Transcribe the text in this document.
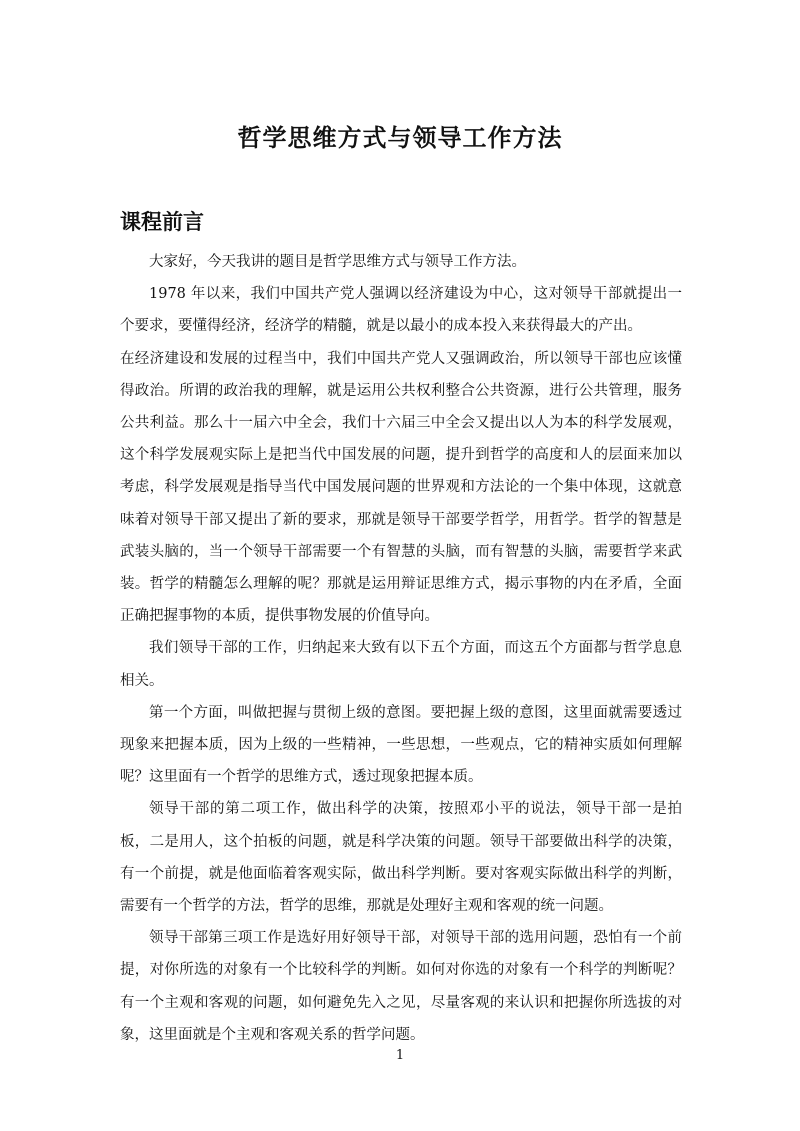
哲学思维方式与领导工作方法
课程前言

大家好，今天我讲的题目是哲学思维方式与领导工作方法。

1978 年以来，我们中国共产党人强调以经济建设为中心，这对领导干部就提出一个要求，要懂得经济，经济学的精髓，就是以最小的成本投入来获得最大的产出。

在经济建设和发展的过程当中，我们中国共产党人又强调政治，所以领导干部也应该懂得政治。所谓的政治我的理解，就是运用公共权利整合公共资源，进行公共管理，服务公共利益。那么十一届六中全会，我们十六届三中全会又提出以人为本的科学发展观，这个科学发展观实际上是把当代中国发展的问题，提升到哲学的高度和人的层面来加以考虑，科学发展观是指导当代中国发展问题的世界观和方法论的一个集中体现，这就意味着对领导干部又提出了新的要求，那就是领导干部要学哲学，用哲学。哲学的智慧是武装头脑的，当一个领导干部需要一个有智慧的头脑，而有智慧的头脑，需要哲学来武装。哲学的精髓怎么理解的呢？那就是运用辩证思维方式，揭示事物的内在矛盾，全面正确把握事物的本质，提供事物发展的价值导向。

我们领导干部的工作，归纳起来大致有以下五个方面，而这五个方面都与哲学息息相关。

第一个方面，叫做把握与贯彻上级的意图。要把握上级的意图，这里面就需要透过现象来把握本质，因为上级的一些精神，一些思想，一些观点，它的精神实质如何理解呢？这里面有一个哲学的思维方式，透过现象把握本质。

领导干部的第二项工作，做出科学的决策，按照邓小平的说法，领导干部一是拍板，二是用人，这个拍板的问题，就是科学决策的问题。领导干部要做出科学的决策，有一个前提，就是他面临着客观实际，做出科学判断。要对客观实际做出科学的判断，需要有一个哲学的方法，哲学的思维，那就是处理好主观和客观的统一问题。

领导干部第三项工作是选好用好领导干部，对领导干部的选用问题，恐怕有一个前提，对你所选的对象有一个比较科学的判断。如何对你选的对象有一个科学的判断呢？有一个主观和客观的问题，如何避免先入之见，尽量客观的来认识和把握你所选拔的对象，这里面就是个主观和客观关系的哲学问题。

1
